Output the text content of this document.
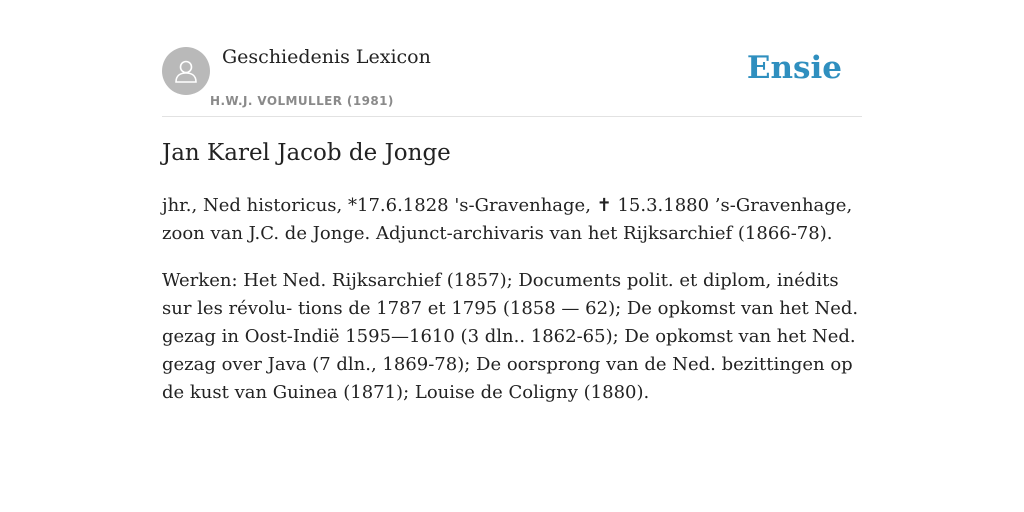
Geschiedenis Lexicon
H.W.J. VOLMULLER (1981)
Ensie
Jan Karel Jacob de Jonge

jhr., Ned historicus, *17.6.1828 's-Gravenhage, ✝ 15.3.1880 ’s-Gravenhage, zoon van J.C. de Jonge. Adjunct-archivaris van het Rijksarchief (1866-78).

Werken: Het Ned. Rijksarchief (1857); Documents polit. et diplom, inédits sur les révolu- tions de 1787 et 1795 (1858 — 62); De opkomst van het Ned. gezag in Oost-Indië 1595—1610 (3 dln.. 1862-65); De opkomst van het Ned. gezag over Java (7 dln., 1869-78); De oorsprong van de Ned. bezittingen op de kust van Guinea (1871); Louise de Coligny (1880).
